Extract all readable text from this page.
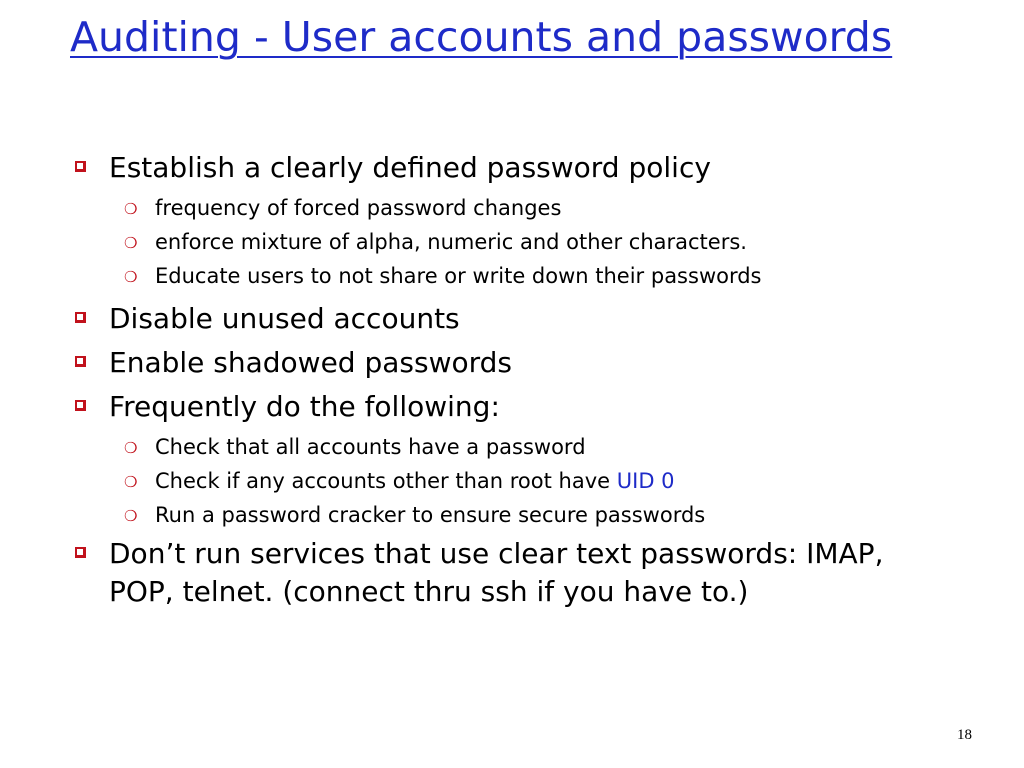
Auditing - User accounts and passwords
Establish a clearly defined password policy
❍ frequency of forced password changes
❍ enforce mixture of alpha, numeric and other characters.
❍ Educate users to not share or write down their passwords
Disable unused accounts
Enable shadowed passwords
Frequently do the following:
❍ Check that all accounts have a password
❍ Check if any accounts other than root have UID 0
❍ Run a password cracker to ensure secure passwords
Don’t run services that use clear text passwords: IMAP, POP, telnet. (connect thru ssh if you have to.)
18
